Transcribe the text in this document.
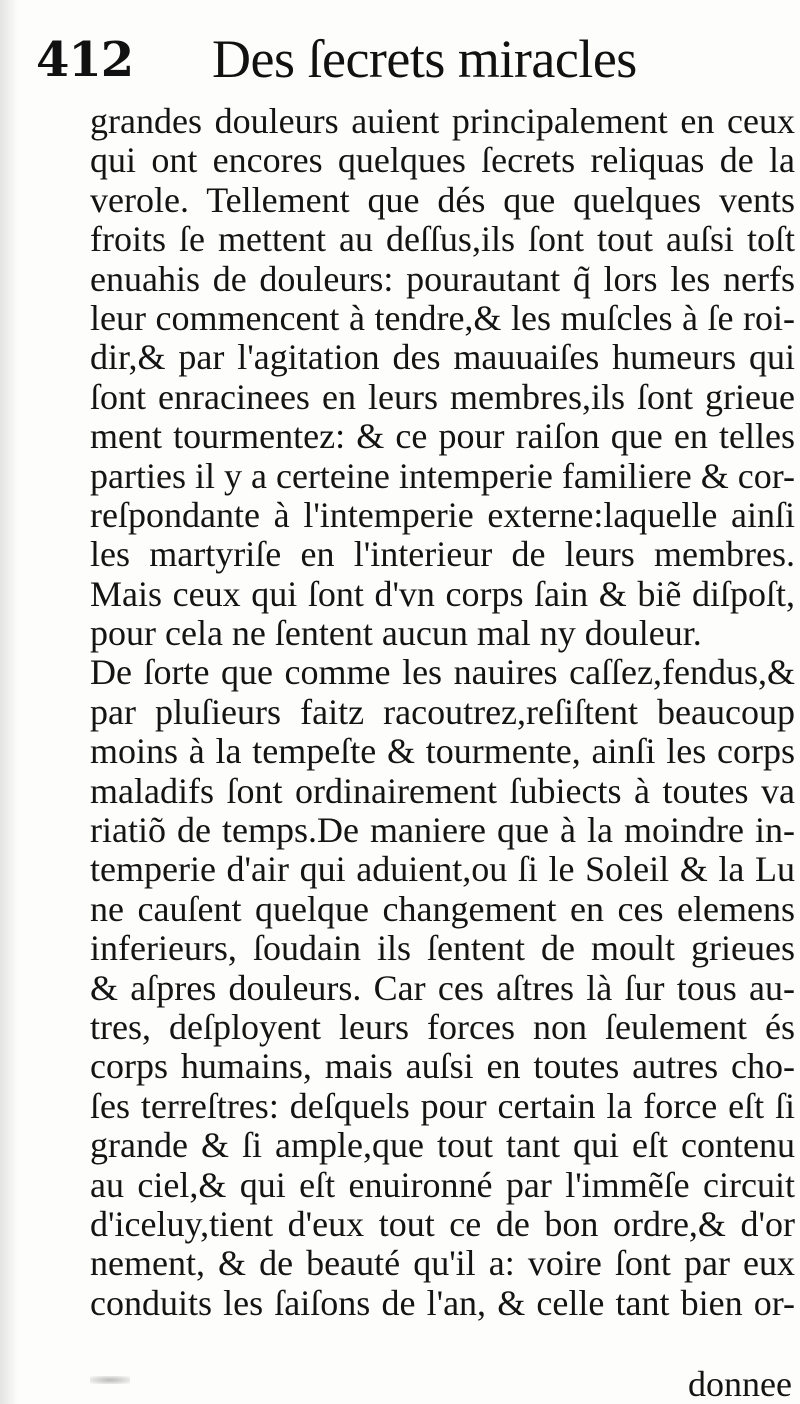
412 Des ſecrets miracles
grandes douleurs auient principalement en ceux
qui ont encores quelques ſecrets reliquas de la
verole. Tellement que dés que quelques vents
froits ſe mettent au deſſus,ils ſont tout auſsi toſt
enuahis de douleurs: pourautant q̃ lors les nerfs
leur commencent à tendre,& les muſcles à ſe roi-
dir,& par l'agitation des mauuaiſes humeurs qui
ſont enracinees en leurs membres,ils ſont grieue
ment tourmentez: & ce pour raiſon que en telles
parties il y a certeine intemperie familiere & cor-
reſpondante à l'intemperie externe:laquelle ainſi
les martyriſe en l'interieur de leurs membres.
Mais ceux qui ſont d'vn corps ſain & biẽ diſpoſt,
pour cela ne ſentent aucun mal ny douleur.
De ſorte que comme les nauires caſſez,fendus,&
par pluſieurs faitz racoutrez,reſiſtent beaucoup
moins à la tempeſte & tourmente, ainſi les corps
maladifs ſont ordinairement ſubiects à toutes va
riatiõ de temps.De maniere que à la moindre in-
temperie d'air qui aduient,ou ſi le Soleil & la Lu
ne cauſent quelque changement en ces elemens
inferieurs, ſoudain ils ſentent de moult grieues
& aſpres douleurs. Car ces aſtres là ſur tous au-
tres, deſployent leurs forces non ſeulement és
corps humains, mais auſsi en toutes autres cho-
ſes terreſtres: deſquels pour certain la force eſt ſi
grande & ſi ample,que tout tant qui eſt contenu
au ciel,& qui eſt enuironné par l'immẽſe circuit
d'iceluy,tient d'eux tout ce de bon ordre,& d'or
nement, & de beauté qu'il a: voire ſont par eux
conduits les ſaiſons de l'an, & celle tant bien or-
donnee
